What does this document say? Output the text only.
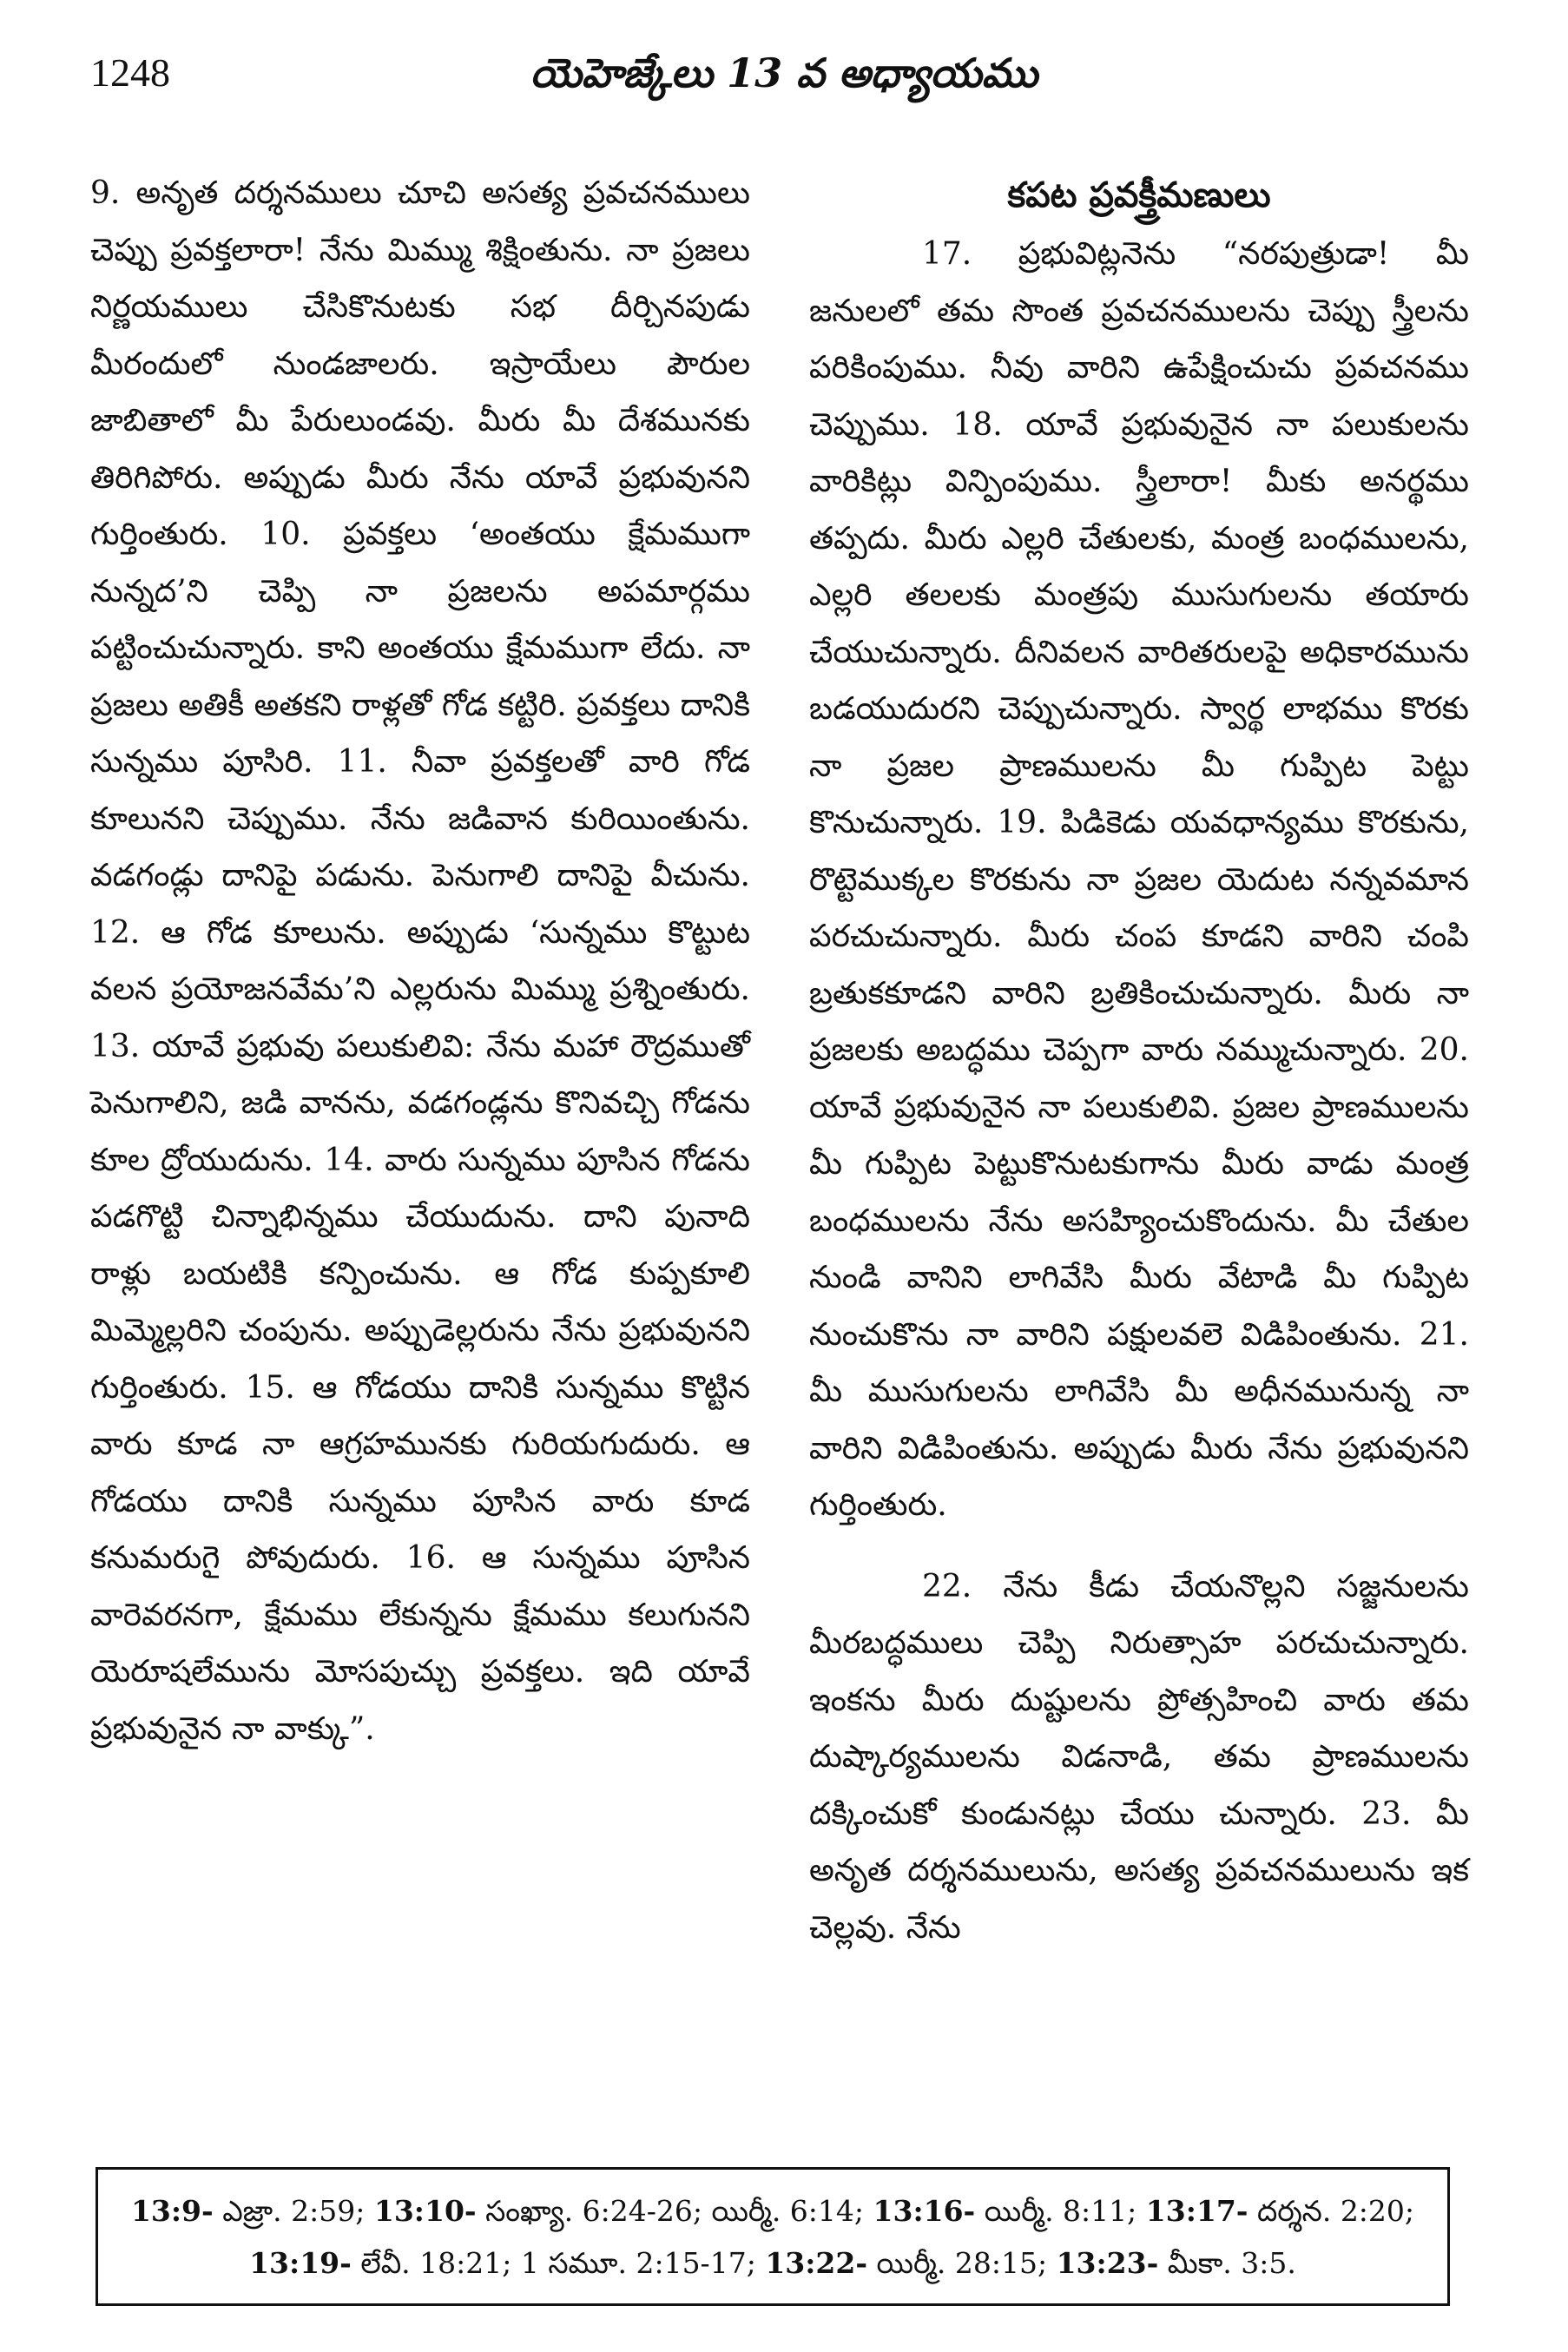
1248	యెహెజ్కేలు 13 వ అధ్యాయము

9. అనృత దర్శనములు చూచి అసత్య ప్రవచనములు చెప్పు ప్రవక్తలారా! నేను మిమ్ము శిక్షింతును. నా ప్రజలు నిర్ణయములు చేసికొనుటకు సభ దీర్చినపుడు మీరందులో నుండజాలరు. ఇస్రాయేలు పౌరుల జాబితాలో మీ పేరులుండవు. మీరు మీ దేశమునకు తిరిగిపోరు. అప్పుడు మీరు నేను యావే ప్రభువునని గుర్తింతురు. 10. ప్రవక్తలు ‘అంతయు క్షేమముగా నున్నద’ని చెప్పి నా ప్రజలను అపమార్గము పట్టించుచున్నారు. కాని అంతయు క్షేమముగా లేదు. నా ప్రజలు అతికీ అతకని రాళ్లతో గోడ కట్టిరి. ప్రవక్తలు దానికి సున్నము పూసిరి. 11. నీవా ప్రవక్తలతో వారి గోడ కూలునని చెప్పుము. నేను జడివాన కురియింతును. వడగండ్లు దానిపై పడును. పెనుగాలి దానిపై వీచును. 12. ఆ గోడ కూలును. అప్పుడు ‘సున్నము కొట్టుట వలన ప్రయోజనవేమ’ని ఎల్లరును మిమ్ము ప్రశ్నింతురు. 13. యావే ప్రభువు పలుకులివి: నేను మహా రౌద్రముతో పెనుగాలిని, జడి వానను, వడగండ్లను కొనివచ్చి గోడను కూల ద్రోయుదును. 14. వారు సున్నము పూసిన గోడను పడగొట్టి చిన్నాభిన్నము చేయుదును. దాని పునాది రాళ్లు బయటికి కన్పించును. ఆ గోడ కుప్పకూలి మిమ్మెల్లరిని చంపును. అప్పుడెల్లరును నేను ప్రభువునని గుర్తింతురు. 15. ఆ గోడయు దానికి సున్నము కొట్టిన వారు కూడ నా ఆగ్రహమునకు గురియగుదురు. ఆ గోడయు దానికి సున్నము పూసిన వారు కూడ కనుమరుగై పోవుదురు. 16. ఆ సున్నము పూసిన వారెవరనగా, క్షేమము లేకున్నను క్షేమము కలుగునని యెరూషలేమును మోసపుచ్చు ప్రవక్తలు. ఇది యావే ప్రభువునైన నా వాక్కు”.

కపట ప్రవక్త్రీమణులు

17. ప్రభువిట్లనెను “నరపుత్రుడా! మీ జనులలో తమ సొంత ప్రవచనములను చెప్పు స్త్రీలను పరికింపుము. నీవు వారిని ఉపేక్షించుచు ప్రవచనము చెప్పుము. 18. యావే ప్రభువునైన నా పలుకులను వారికిట్లు విన్పింపుము. స్త్రీలారా! మీకు అనర్థము తప్పదు. మీరు ఎల్లరి చేతులకు, మంత్ర బంధములను, ఎల్లరి తలలకు మంత్రపు ముసుగులను తయారు చేయుచున్నారు. దీనివలన వారితరులపై అధికారమును బడయుదురని చెప్పుచున్నారు. స్వార్థ లాభము కొరకు నా ప్రజల ప్రాణములను మీ గుప్పిట పెట్టు కొనుచున్నారు. 19. పిడికెడు యవధాన్యము కొరకును, రొట్టెముక్కల కొరకును నా ప్రజల యెదుట నన్నవమాన పరచుచున్నారు. మీరు చంప కూడని వారిని చంపి బ్రతుకకూడని వారిని బ్రతికించుచున్నారు. మీరు నా ప్రజలకు అబద్ధము చెప్పగా వారు నమ్ముచున్నారు. 20. యావే ప్రభువునైన నా పలుకులివి. ప్రజల ప్రాణములను మీ గుప్పిట పెట్టుకొనుటకుగాను మీరు వాడు మంత్ర బంధములను నేను అసహ్యించుకొందును. మీ చేతుల నుండి వానిని లాగివేసి మీరు వేటాడి మీ గుప్పిట నుంచుకొను నా వారిని పక్షులవలె విడిపింతును. 21. మీ ముసుగులను లాగివేసి మీ అధీనమునున్న నా వారిని విడిపింతును. అప్పుడు మీరు నేను ప్రభువునని గుర్తింతురు.

22. నేను కీడు చేయనొల్లని సజ్జనులను మీరబద్ధములు చెప్పి నిరుత్సాహ పరచుచున్నారు. ఇంకను మీరు దుష్టులను ప్రోత్సహించి వారు తమ దుష్కార్యములను విడనాడి, తమ ప్రాణములను దక్కించుకో కుండునట్లు చేయు చున్నారు. 23. మీ అనృత దర్శనములును, అసత్య ప్రవచనములును ఇక చెల్లవు. నేను

13:9- ఎజ్రా. 2:59; 13:10- సంఖ్యా. 6:24-26; యిర్మీ. 6:14; 13:16- యిర్మీ. 8:11; 13:17- దర్శన. 2:20; 13:19- లేవీ. 18:21; 1 సమూ. 2:15-17; 13:22- యిర్మీ. 28:15; 13:23- మీకా. 3:5.
